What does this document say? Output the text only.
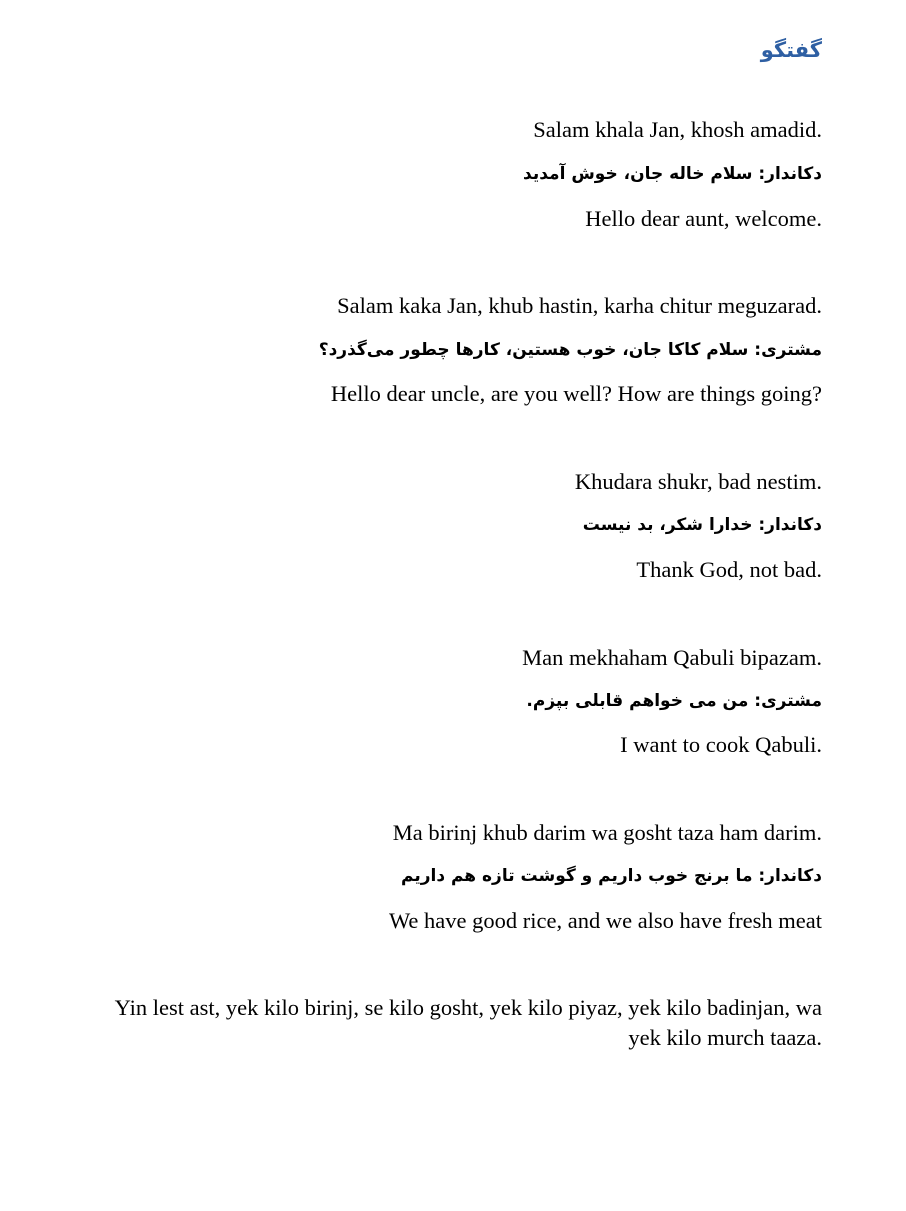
گفتگو
Salam khala Jan, khosh amadid.
دکاندار: سلام خاله جان، خوش آمدید
Hello dear aunt, welcome.
Salam kaka Jan, khub hastin, karha chitur meguzarad.
مشتری: سلام کاکا جان، خوب هستین، کارها چطور می‌گذرد؟
Hello dear uncle, are you well? How are things going?
Khudara shukr, bad nestim.
دکاندار: خدارا شکر، بد نیست
Thank God, not bad.
Man mekhaham Qabuli bipazam.
مشتری: من می خواهم قابلی بپزم.
I want to cook Qabuli.
Ma birinj khub darim wa gosht taza ham darim.
دکاندار: ما برنج خوب داریم و گوشت تازه هم داریم
We have good rice, and we also have fresh meat
Yin lest ast, yek kilo birinj, se kilo gosht, yek kilo piyaz, yek kilo badinjan, wa yek kilo murch taaza.
